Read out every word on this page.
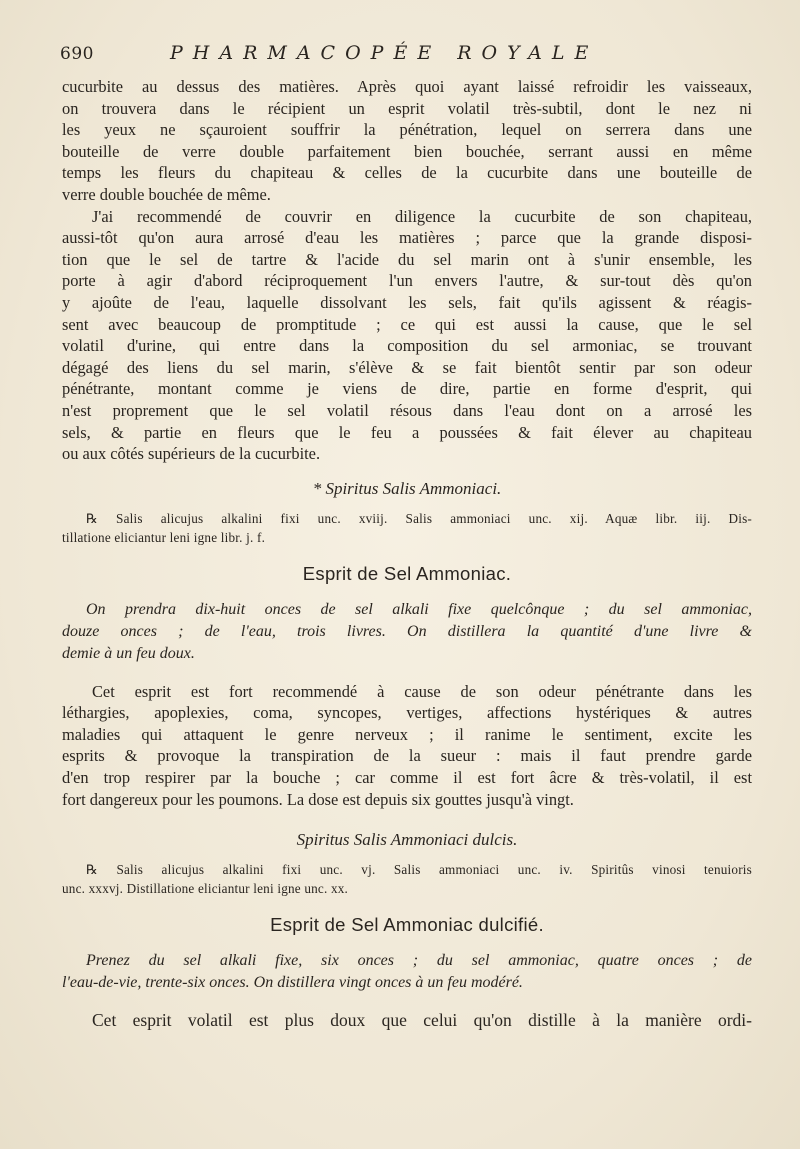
690	PHARMACOPÉE ROYALE

cucurbite au dessus des matières. Après quoi ayant laissé refroidir les vaisseaux,
on trouvera dans le récipient un esprit volatil très-subtil, dont le nez ni
les yeux ne sçauroient souffrir la pénétration, lequel on serrera dans une
bouteille de verre double parfaitement bien bouchée, serrant aussi en même
temps les fleurs du chapiteau & celles de la cucurbite dans une bouteille de
verre double bouchée de même.

J'ai recommendé de couvrir en diligence la cucurbite de son chapiteau,
aussi-tôt qu'on aura arrosé d'eau les matières ; parce que la grande disposi-
tion que le sel de tartre & l'acide du sel marin ont à s'unir ensemble, les
porte à agir d'abord réciproquement l'un envers l'autre, & sur-tout dès qu'on
y ajoûte de l'eau, laquelle dissolvant les sels, fait qu'ils agissent & réagis-
sent avec beaucoup de promptitude ; ce qui est aussi la cause, que le sel
volatil d'urine, qui entre dans la composition du sel armoniac, se trouvant
dégagé des liens du sel marin, s'élève & se fait bientôt sentir par son odeur
pénétrante, montant comme je viens de dire, partie en forme d'esprit, qui
n'est proprement que le sel volatil résous dans l'eau dont on a arrosé les
sels, & partie en fleurs que le feu a poussées & fait élever au chapiteau
ou aux côtés supérieurs de la cucurbite.

* Spiritus Salis Ammoniaci.

℞ Salis alicujus alkalini fixi unc. xviij. Salis ammoniaci unc. xij. Aquæ libr. iij. Dis-
tillatione eliciantur leni igne libr. j. f.

Esprit de Sel Ammoniac.

On prendra dix-huit onces de sel alkali fixe quelcônque ; du sel ammoniac,
douze onces ; de l'eau, trois livres. On distillera la quantité d'une livre &
demie à un feu doux.

Cet esprit est fort recommendé à cause de son odeur pénétrante dans les
léthargies, apoplexies, coma, syncopes, vertiges, affections hystériques & autres
maladies qui attaquent le genre nerveux ; il ranime le sentiment, excite les
esprits & provoque la transpiration de la sueur : mais il faut prendre garde
d'en trop respirer par la bouche ; car comme il est fort âcre & très-volatil, il est
fort dangereux pour les poumons. La dose est depuis six gouttes jusqu'à vingt.

Spiritus Salis Ammoniaci dulcis.

℞ Salis alicujus alkalini fixi unc. vj. Salis ammoniaci unc. iv. Spiritûs vinosi tenuioris
unc. xxxvj. Distillatione eliciantur leni igne unc. xx.

Esprit de Sel Ammoniac dulcifié.

Prenez du sel alkali fixe, six onces ; du sel ammoniac, quatre onces ; de
l'eau-de-vie, trente-six onces. On distillera vingt onces à un feu modéré.

Cet esprit volatil est plus doux que celui qu'on distille à la manière ordi-
